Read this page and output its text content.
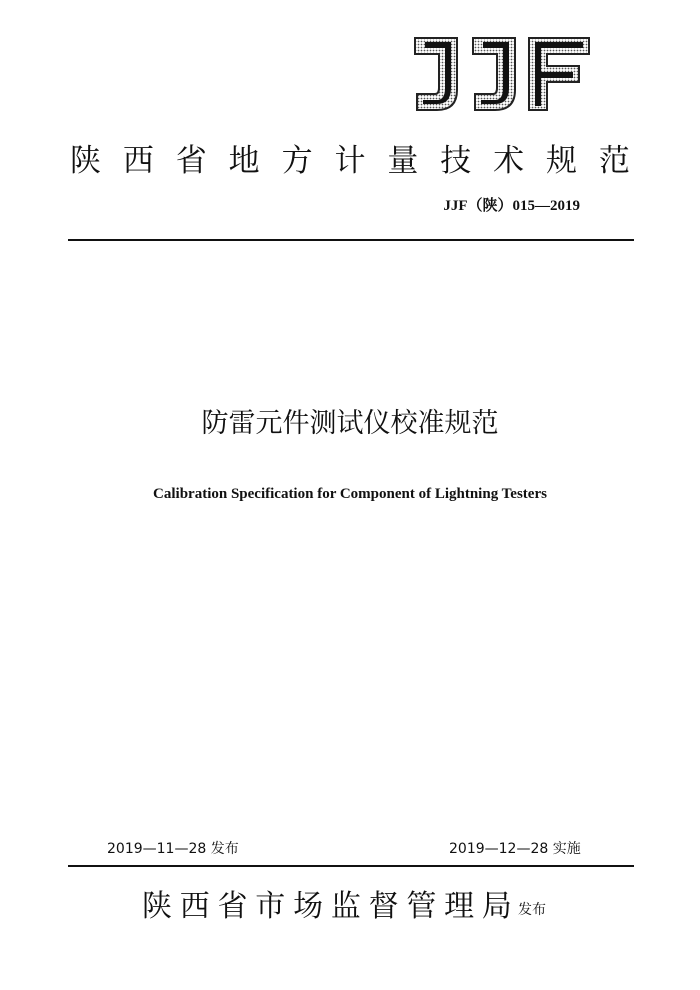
陕 西 省 地 方 计 量 技 术 规 范
JJF（陕）015—2019
防雷元件测试仪校准规范
Calibration Specification for Component of Lightning Testers
2019—11—28 发布	2019—12—28 实施
陕 西 省 市 场 监 督 管 理 局 发布
